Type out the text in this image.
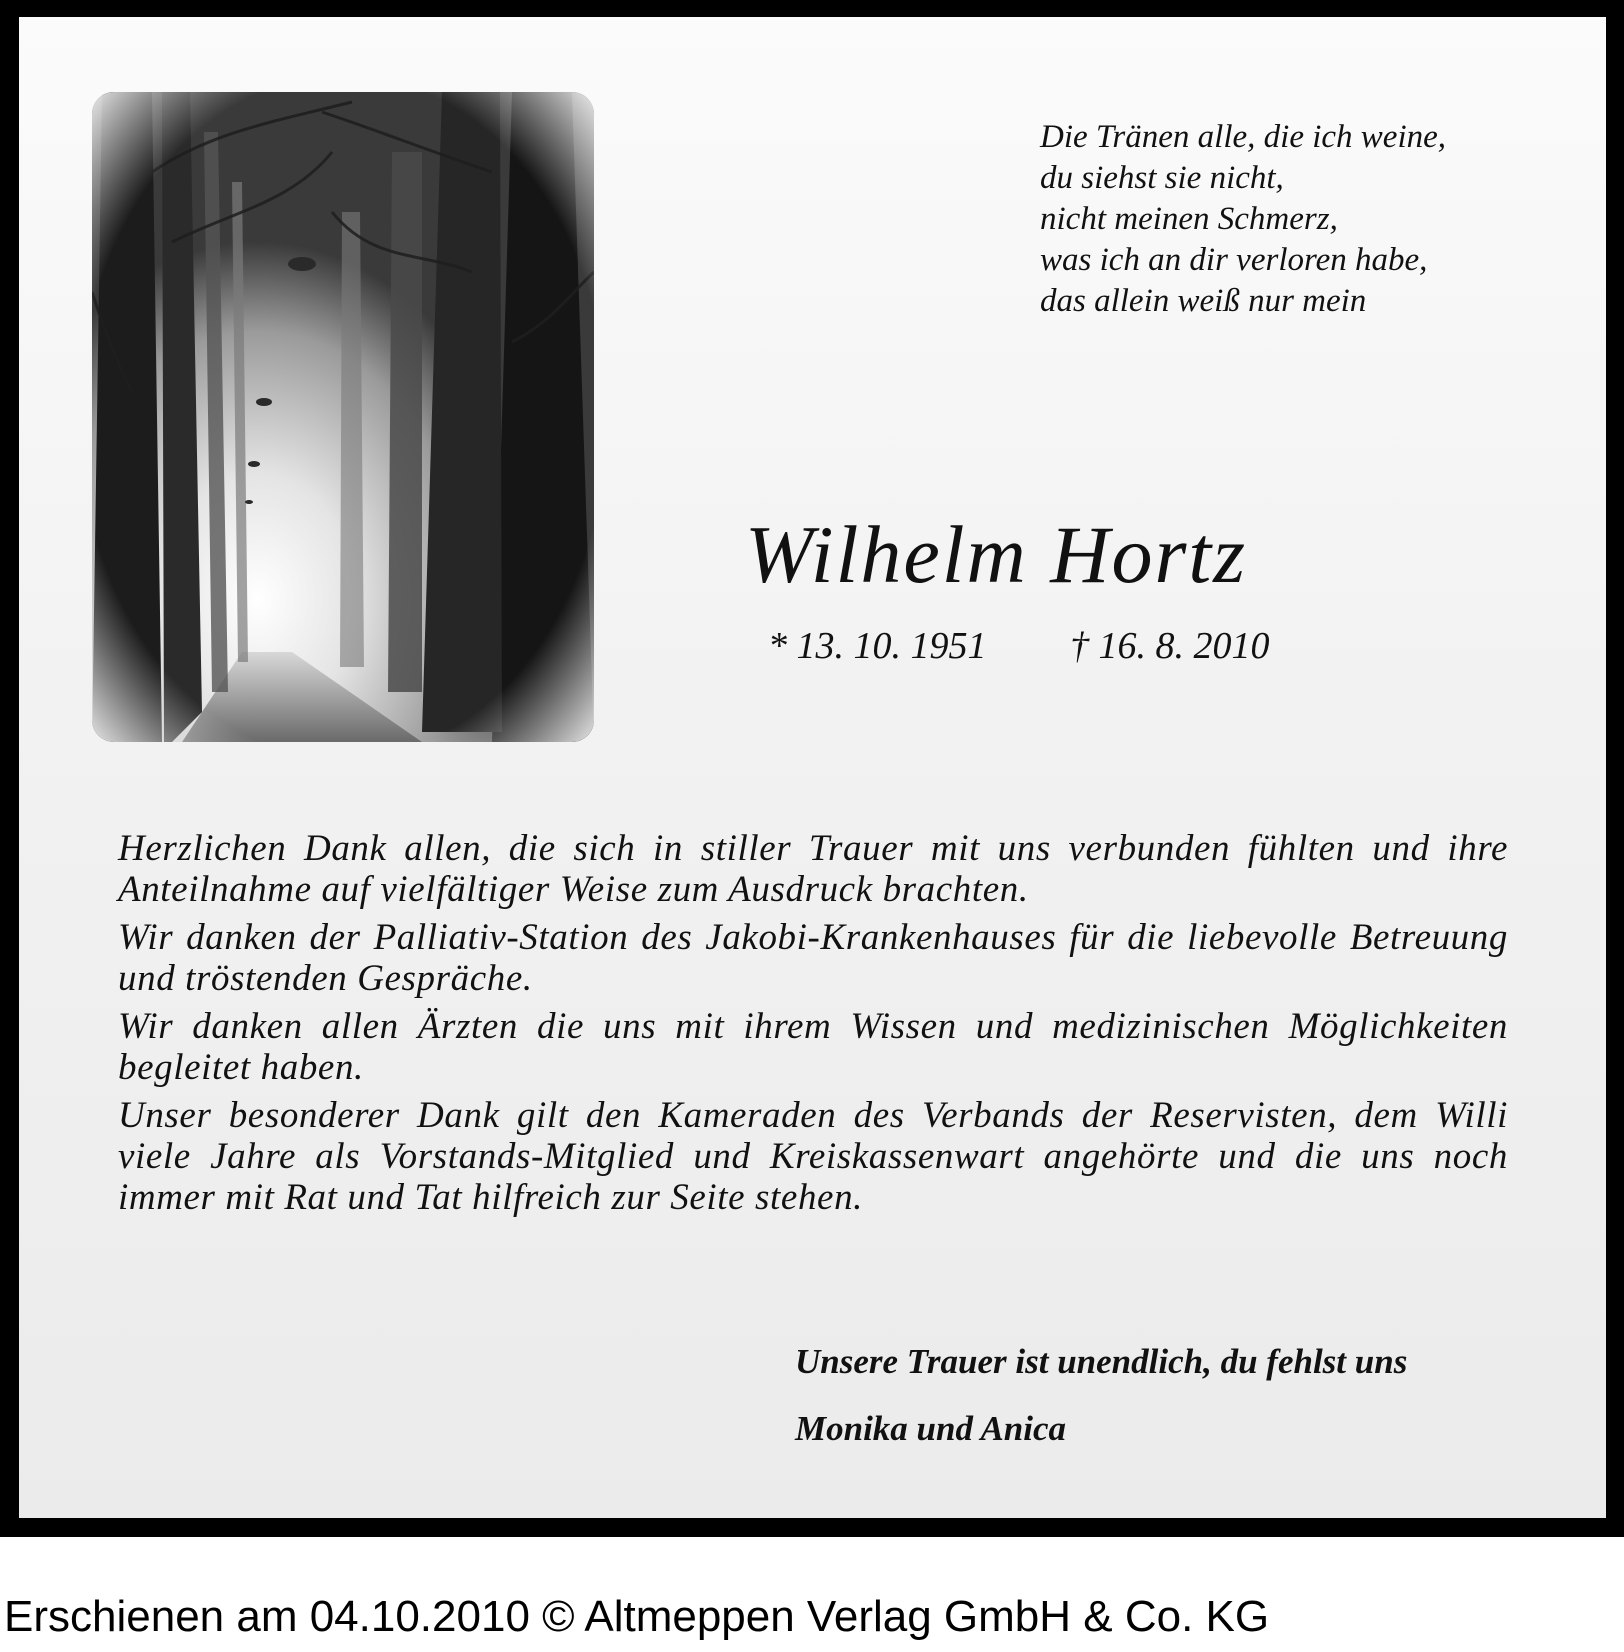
Die Tränen alle, die ich weine,
du siehst sie nicht,
nicht meinen Schmerz,
was ich an dir verloren habe,
das allein weiß nur mein
Wilhelm Hortz
* 13. 10. 1951 † 16. 8. 2010

Herzlichen Dank allen, die sich in stiller Trauer mit uns verbunden fühlten und ihre Anteilnahme auf vielfältiger Weise zum Ausdruck brachten.

Wir danken der Palliativ-Station des Jakobi-Krankenhauses für die liebevolle Betreuung und tröstenden Gespräche.

Wir danken allen Ärzten die uns mit ihrem Wissen und medizinischen Möglichkeiten begleitet haben.

Unser besonderer Dank gilt den Kameraden des Verbands der Reservisten, dem Willi viele Jahre als Vorstands-Mitglied und Kreiskassenwart angehörte und die uns noch immer mit Rat und Tat hilfreich zur Seite stehen.

Unsere Trauer ist unendlich, du fehlst uns
Monika und Anica
Erschienen am 04.10.2010 © Altmeppen Verlag GmbH & Co. KG
